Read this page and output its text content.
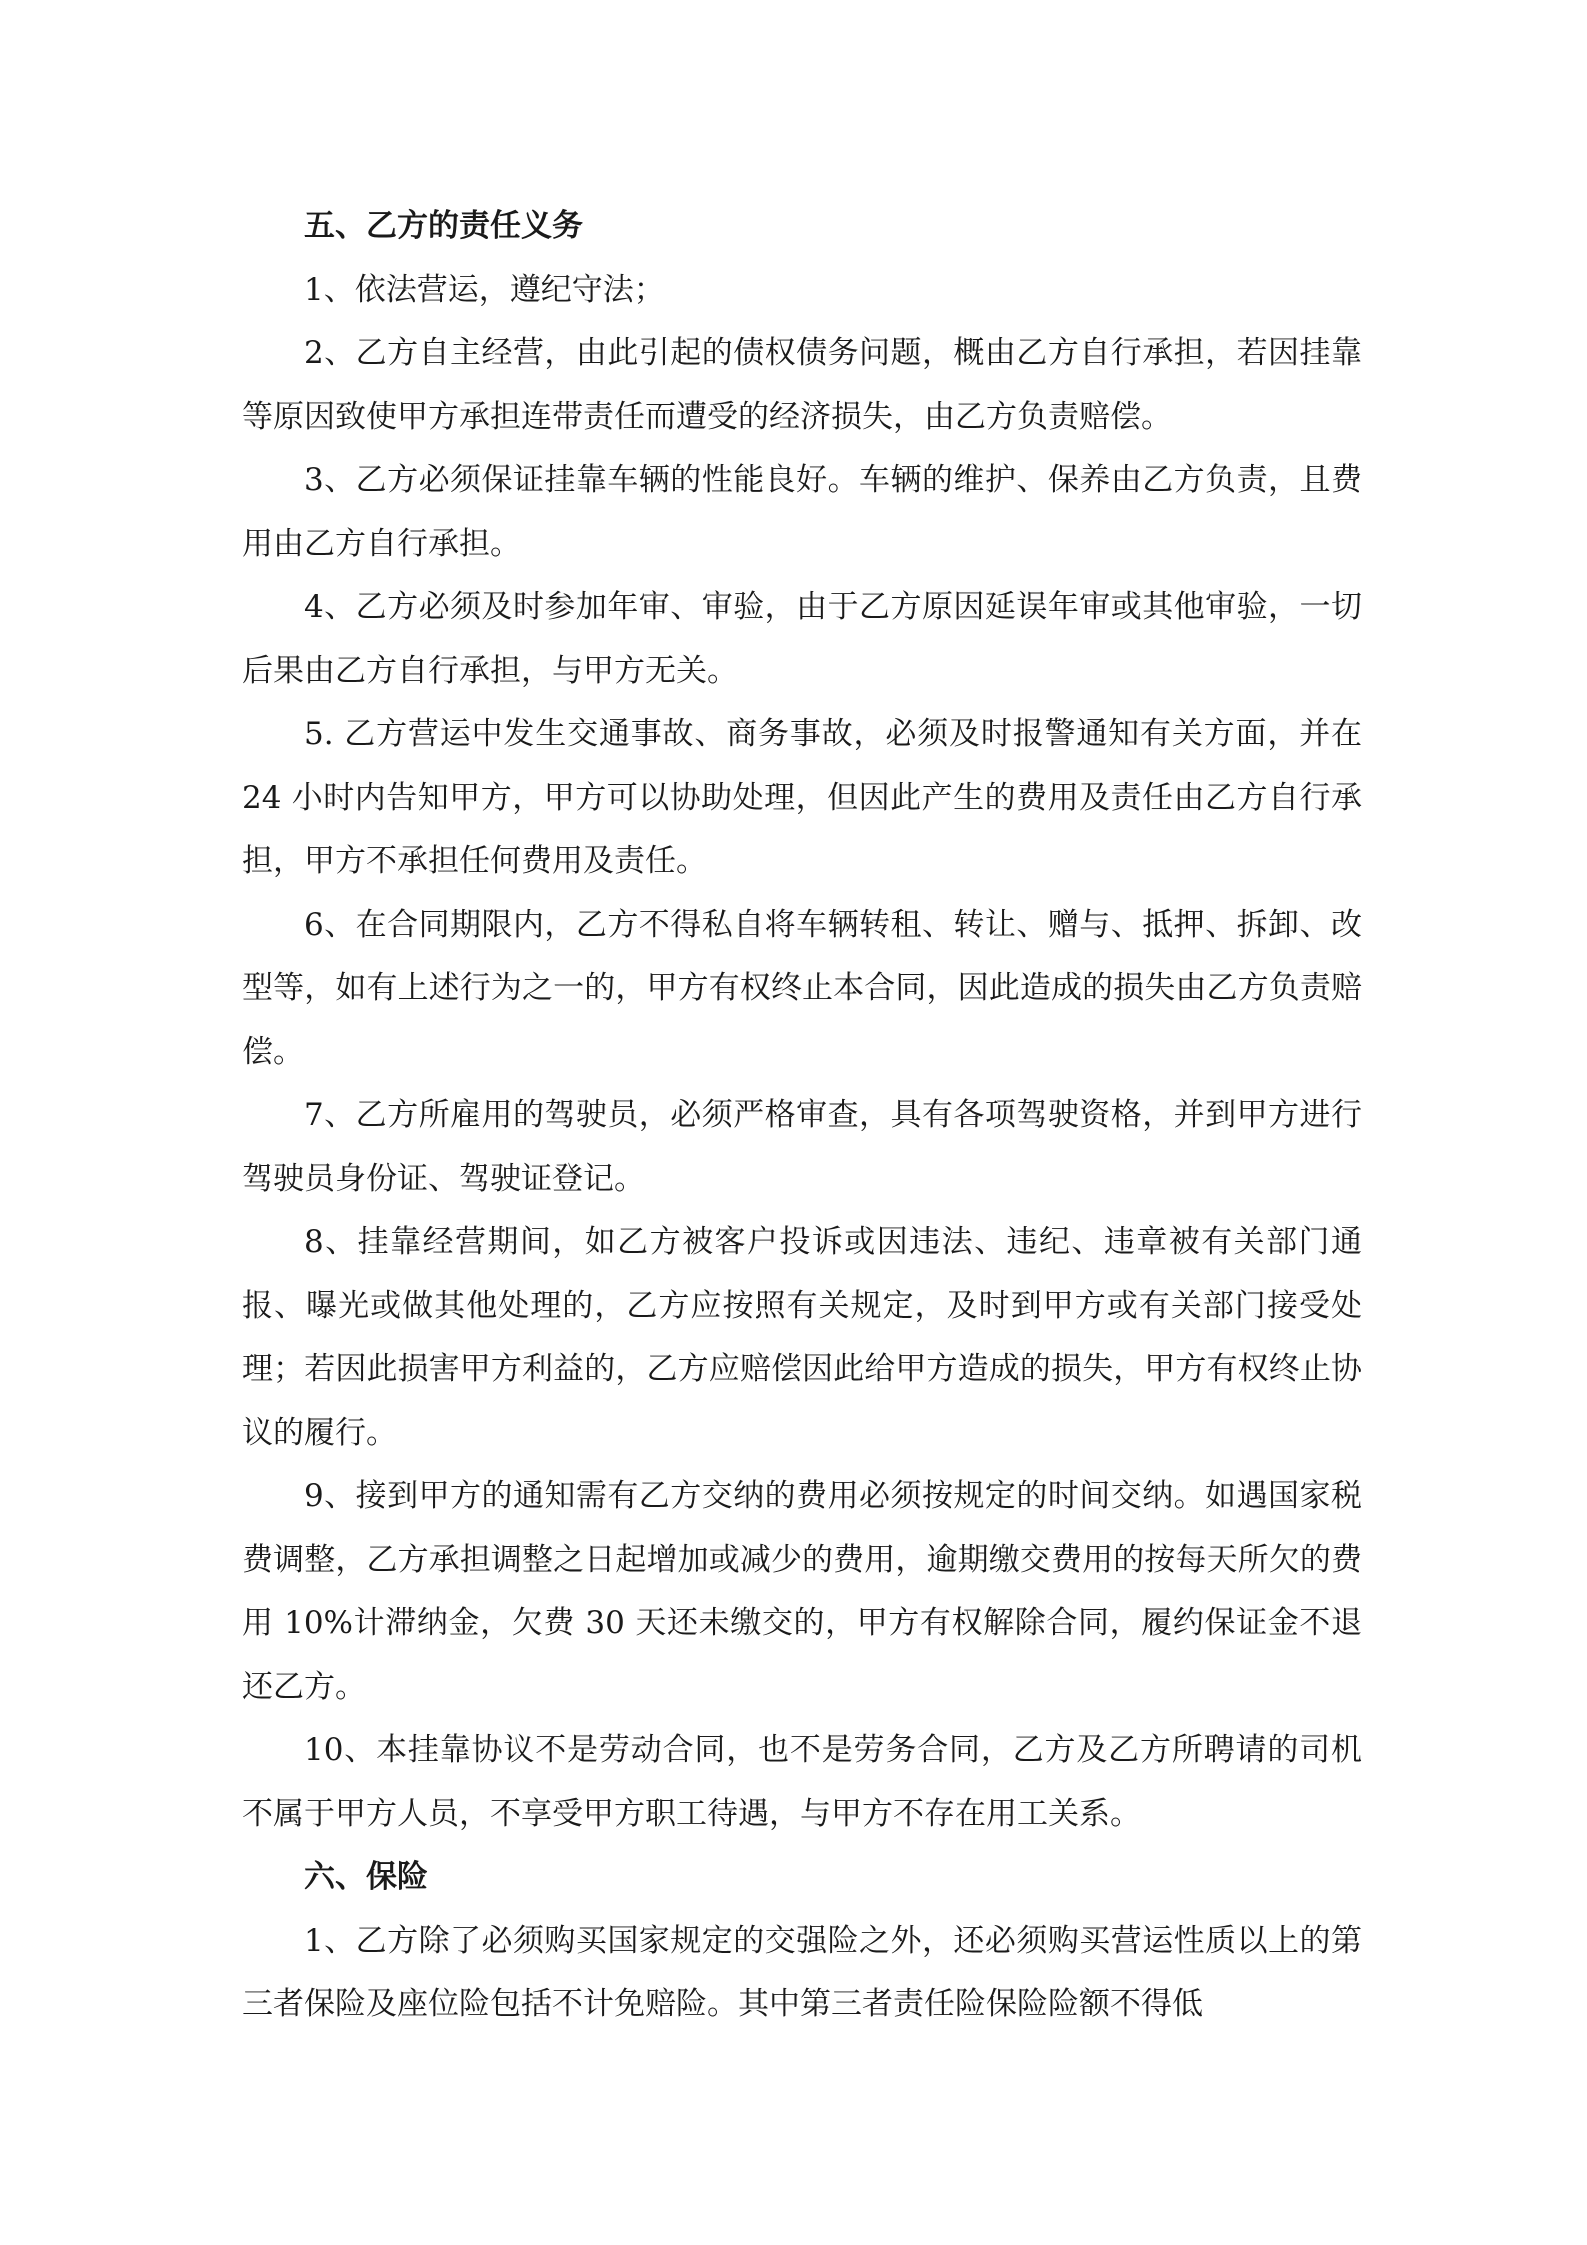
五、乙方的责任义务

1、依法营运，遵纪守法；

2、乙方自主经营，由此引起的债权债务问题，概由乙方自行承担，若因挂靠等原因致使甲方承担连带责任而遭受的经济损失，由乙方负责赔偿。

3、乙方必须保证挂靠车辆的性能良好。车辆的维护、保养由乙方负责，且费用由乙方自行承担。

4、乙方必须及时参加年审、审验，由于乙方原因延误年审或其他审验，一切后果由乙方自行承担，与甲方无关。

5. 乙方营运中发生交通事故、商务事故，必须及时报警通知有关方面，并在 24 小时内告知甲方，甲方可以协助处理，但因此产生的费用及责任由乙方自行承担，甲方不承担任何费用及责任。

6、在合同期限内，乙方不得私自将车辆转租、转让、赠与、抵押、拆卸、改型等，如有上述行为之一的，甲方有权终止本合同，因此造成的损失由乙方负责赔偿。

7、乙方所雇用的驾驶员，必须严格审查，具有各项驾驶资格，并到甲方进行驾驶员身份证、驾驶证登记。

8、挂靠经营期间，如乙方被客户投诉或因违法、违纪、违章被有关部门通报、曝光或做其他处理的，乙方应按照有关规定，及时到甲方或有关部门接受处理；若因此损害甲方利益的，乙方应赔偿因此给甲方造成的损失，甲方有权终止协议的履行。

9、接到甲方的通知需有乙方交纳的费用必须按规定的时间交纳。如遇国家税费调整，乙方承担调整之日起增加或减少的费用，逾期缴交费用的按每天所欠的费用 10%计滞纳金，欠费 30 天还未缴交的，甲方有权解除合同，履约保证金不退还乙方。

10、本挂靠协议不是劳动合同，也不是劳务合同，乙方及乙方所聘请的司机不属于甲方人员，不享受甲方职工待遇，与甲方不存在用工关系。

六、保险

1、乙方除了必须购买国家规定的交强险之外，还必须购买营运性质以上的第三者保险及座位险包括不计免赔险。其中第三者责任险保险险额不得低
